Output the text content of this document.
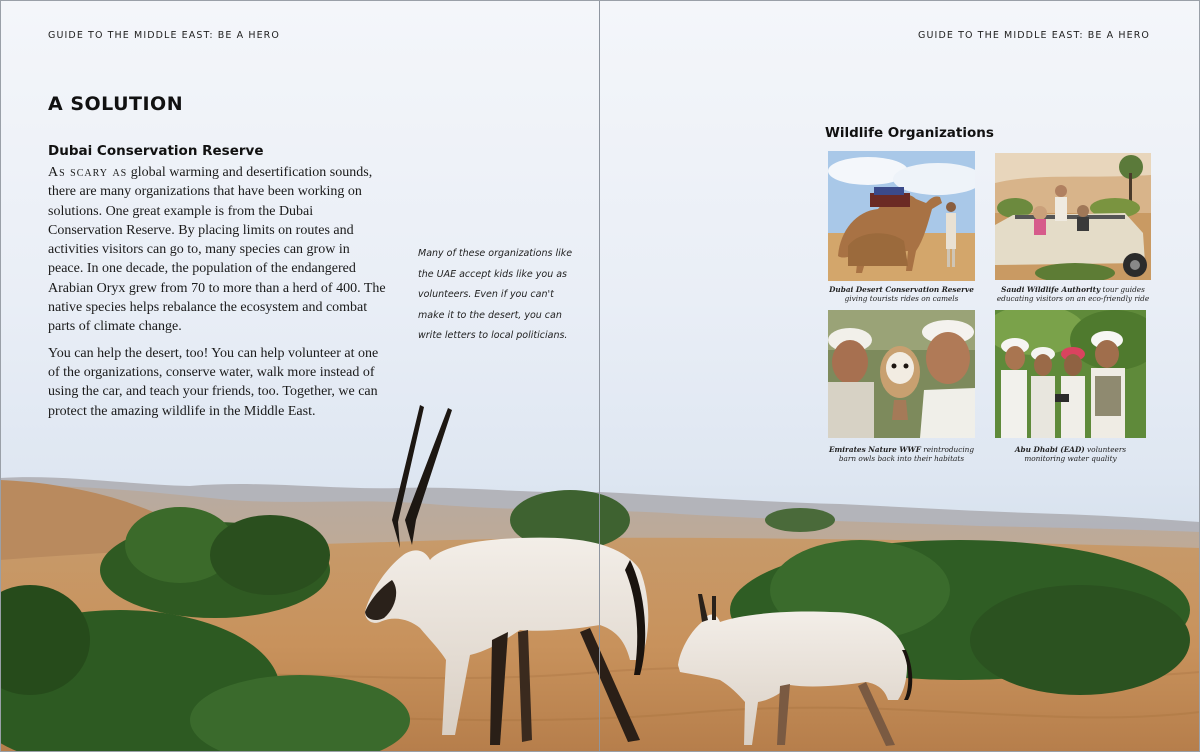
GUIDE TO THE MIDDLE EAST: BE A HERO
A SOLUTION
Dubai Conservation Reserve

As scary as global warming and desertification sounds, there are many organizations that have been working on solutions. One great example is from the Dubai Conservation Reserve. By placing limits on routes and activities visitors can go to, many species can grow in peace. In one decade, the population of the endangered Arabian Oryx grew from 70 to more than a herd of 400. The native species helps rebalance the ecosystem and combat parts of climate change.

You can help the desert, too! You can help volunteer at one of the organizations, conserve water, walk more instead of using the car, and teach your friends, too. Together, we can protect the amazing wildlife in the Middle East.

Many of these organizations like the UAE accept kids like you as volunteers. Even if you can't make it to the desert, you can write letters to local politicians.
GUIDE TO THE MIDDLE EAST: BE A HERO
Wildlife Organizations
Dubai Desert Conservation Reserve giving tourists rides on camels
Saudi Wildlife Authority tour guides educating visitors on an eco-friendly ride
Emirates Nature WWF reintroducing barn owls back into their habitats
Abu Dhabi (EAD) volunteers monitoring water quality
